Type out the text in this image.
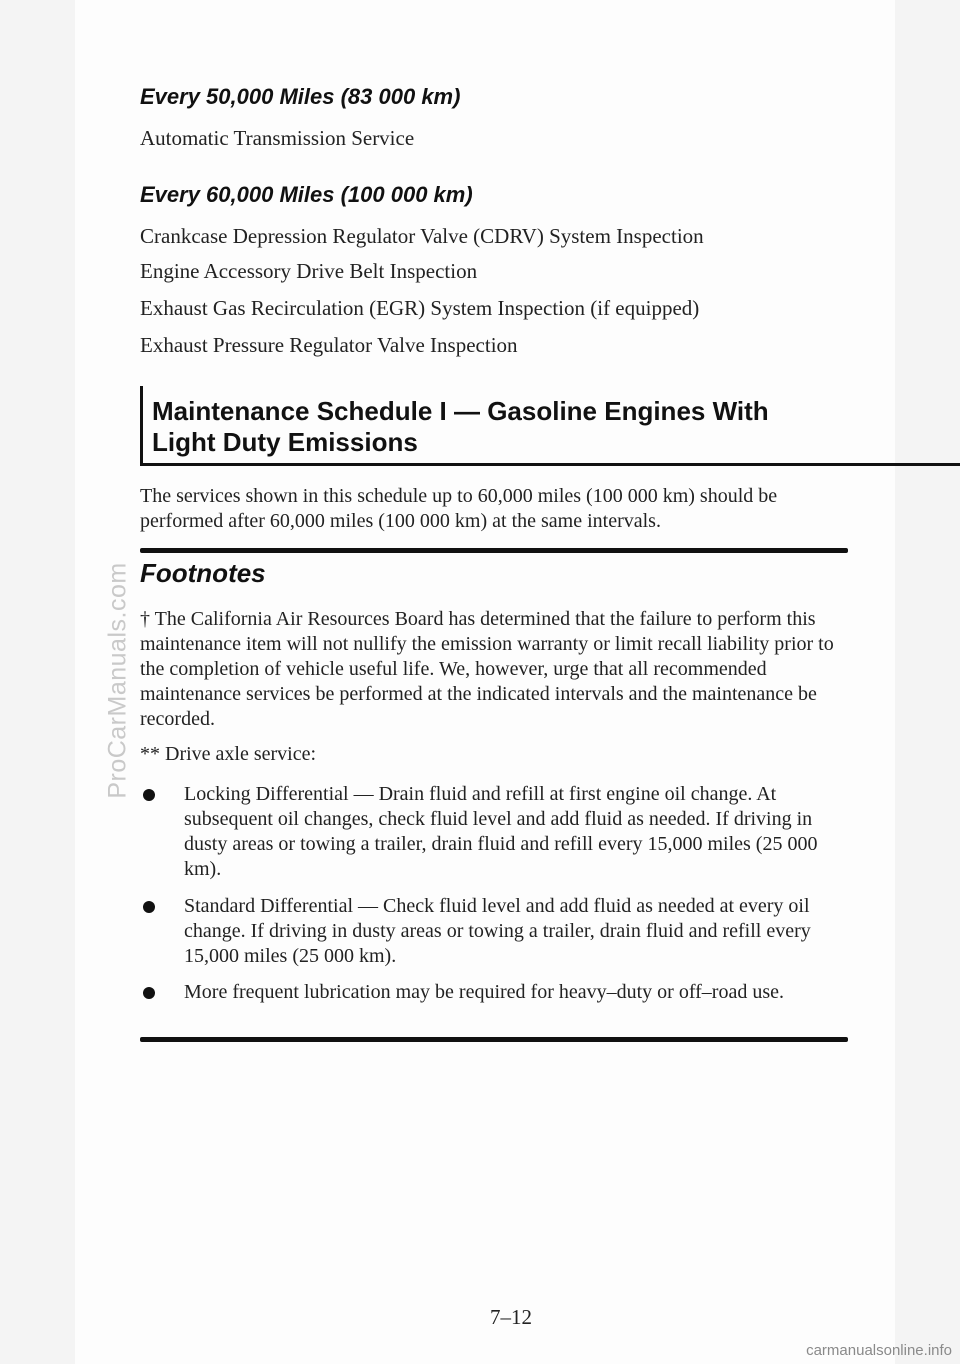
ProCarManuals.com
Every 50,000 Miles (83 000 km)
Automatic Transmission Service
Every 60,000 Miles (100 000 km)
Crankcase Depression Regulator Valve (CDRV) System Inspection
Engine Accessory Drive Belt Inspection
Exhaust Gas Recirculation (EGR) System Inspection (if equipped)
Exhaust Pressure Regulator Valve Inspection
Maintenance Schedule I — Gasoline Engines With
Light Duty Emissions
The services shown in this schedule up to 60,000 miles (100 000 km) should be performed after 60,000 miles (100 000 km) at the same intervals.
Footnotes
† The California Air Resources Board has determined that the failure to perform this maintenance item will not nullify the emission warranty or limit recall liability prior to the completion of vehicle useful life. We, however, urge that all recommended maintenance services be performed at the indicated intervals and the maintenance be recorded.
** Drive axle service:
Locking Differential — Drain fluid and refill at first engine oil change. At subsequent oil changes, check fluid level and add fluid as needed. If driving in dusty areas or towing a trailer, drain fluid and refill every 15,000 miles (25 000 km).
Standard Differential — Check fluid level and add fluid as needed at every oil change. If driving in dusty areas or towing a trailer, drain fluid and refill every 15,000 miles (25 000 km).
More frequent lubrication may be required for heavy–duty or off–road use.
7–12
carmanualsonline.info
